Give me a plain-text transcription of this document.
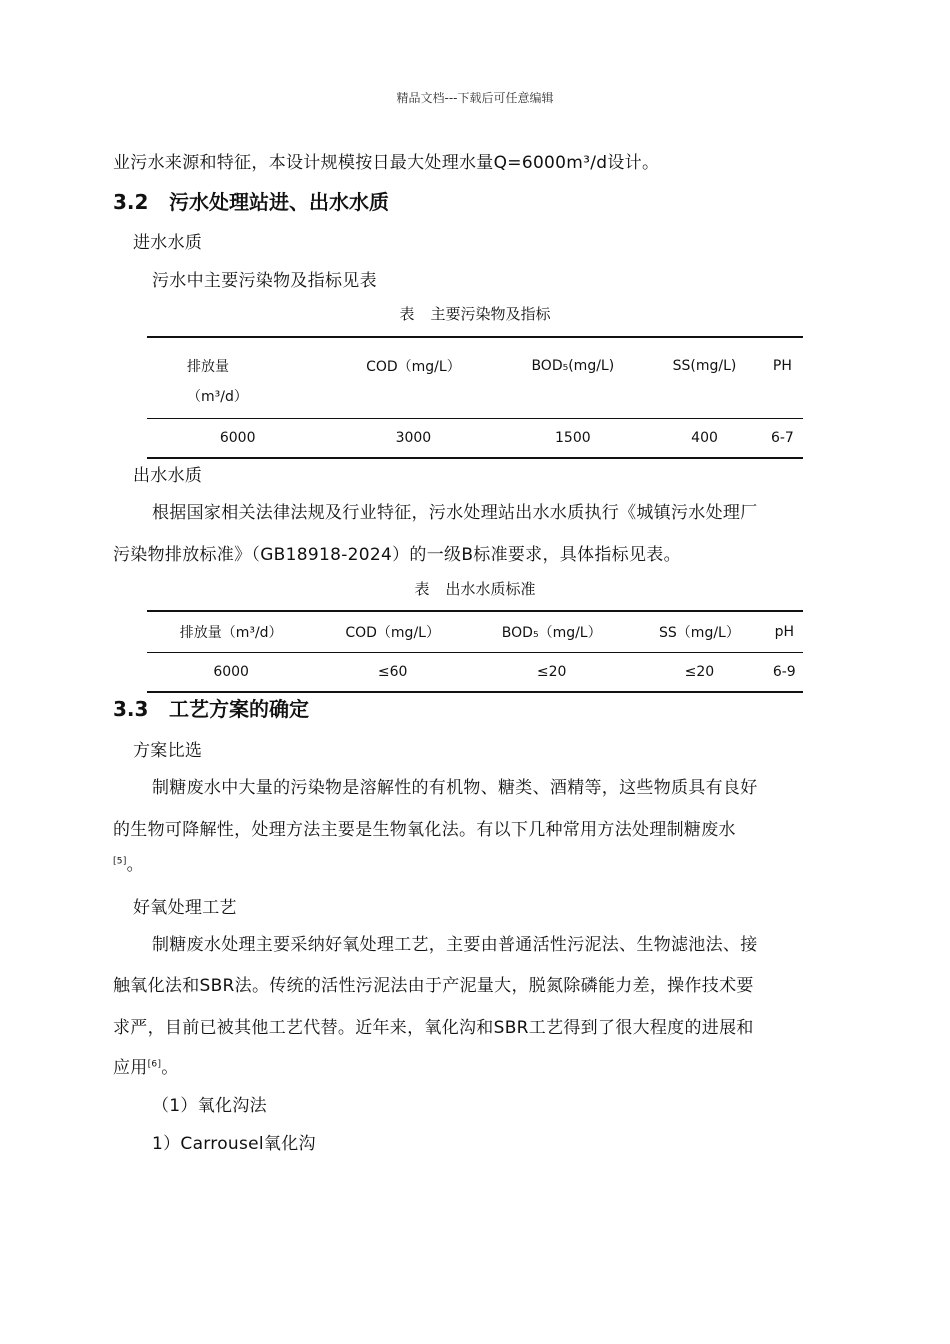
精品文档---下载后可任意编辑
业污水来源和特征，本设计规模按日最大处理水量Q=6000m³/d设计。
3.2 污水处理站进、出水水质
进水水质
污水中主要污染物及指标见表
表 主要污染物及指标
排放量	COD（mg/L）	BOD₅(mg/L)	SS(mg/L)	PH
（m³/d）				
6000	3000	1500	400	6-7
出水水质
根据国家相关法律法规及行业特征，污水处理站出水水质执行《城镇污水处理厂
污染物排放标准》（GB18918-2024）的一级B标准要求，具体指标见表。
表 出水水质标准
排放量（m³/d）	COD（mg/L）	BOD₅（mg/L）	SS（mg/L）	pH
6000	≤60	≤20	≤20	6-9
3.3 工艺方案的确定
方案比选
制糖废水中大量的污染物是溶解性的有机物、糖类、酒精等，这些物质具有良好
的生物可降解性，处理方法主要是生物氧化法。有以下几种常用方法处理制糖废水
[5]。
好氧处理工艺
制糖废水处理主要采纳好氧处理工艺，主要由普通活性污泥法、生物滤池法、接
触氧化法和SBR法。传统的活性污泥法由于产泥量大，脱氮除磷能力差，操作技术要
求严，目前已被其他工艺代替。近年来，氧化沟和SBR工艺得到了很大程度的进展和
应用[6]。
（1）氧化沟法
1）Carrousel氧化沟
